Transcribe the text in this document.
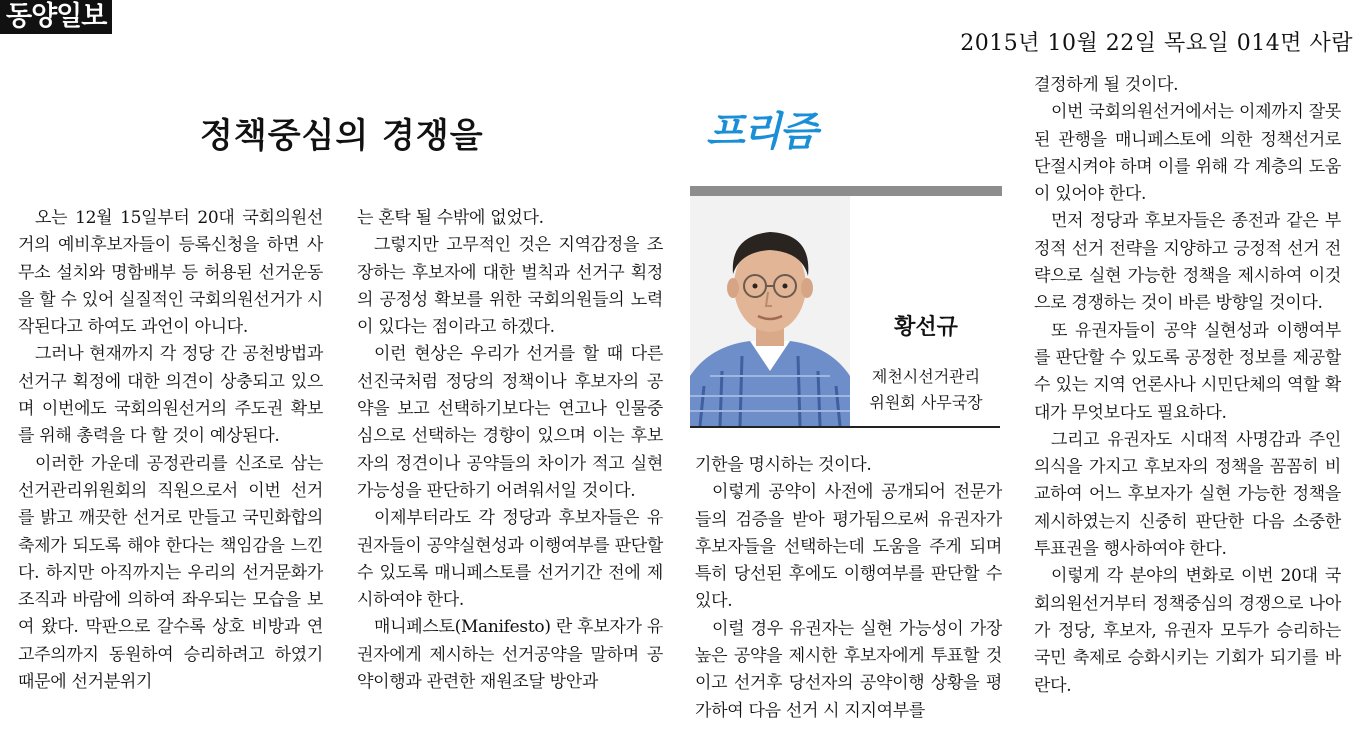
동양일보
2015년 10월 22일 목요일 014면 사람
정책중심의 경쟁을	프리즘
황선규
제천시선거관리
위원회 사무국장

오는 12월 15일부터 20대 국회의원선거의 예비후보자들이 등록신청을 하면 사무소 설치와 명함배부 등 허용된 선거운동을 할 수 있어 실질적인 국회의원선거가 시작된다고 하여도 과언이 아니다.

그러나 현재까지 각 정당 간 공천방법과 선거구 획정에 대한 의견이 상충되고 있으며 이번에도 국회의원선거의 주도권 확보를 위해 총력을 다 할 것이 예상된다.

이러한 가운데 공정관리를 신조로 삼는 선거관리위원회의 직원으로서 이번 선거를 밝고 깨끗한 선거로 만들고 국민화합의 축제가 되도록 해야 한다는 책임감을 느낀다. 하지만 아직까지는 우리의 선거문화가 조직과 바람에 의하여 좌우되는 모습을 보여 왔다. 막판으로 갈수록 상호 비방과 연고주의까지 동원하여 승리하려고 하였기 때문에 선거분위기

는 혼탁 될 수밖에 없었다.

그렇지만 고무적인 것은 지역감정을 조장하는 후보자에 대한 벌칙과 선거구 획정의 공정성 확보를 위한 국회의원들의 노력이 있다는 점이라고 하겠다.

이런 현상은 우리가 선거를 할 때 다른 선진국처럼 정당의 정책이나 후보자의 공약을 보고 선택하기보다는 연고나 인물중심으로 선택하는 경향이 있으며 이는 후보자의 정견이나 공약들의 차이가 적고 실현가능성을 판단하기 어려워서일 것이다.

이제부터라도 각 정당과 후보자들은 유권자들이 공약실현성과 이행여부를 판단할 수 있도록 매니페스토를 선거기간 전에 제시하여야 한다.

매니페스토(Manifesto) 란 후보자가 유권자에게 제시하는 선거공약을 말하며 공약이행과 관련한 재원조달 방안과

기한을 명시하는 것이다.

이렇게 공약이 사전에 공개되어 전문가들의 검증을 받아 평가됨으로써 유권자가 후보자들을 선택하는데 도움을 주게 되며 특히 당선된 후에도 이행여부를 판단할 수 있다.

이럴 경우 유권자는 실현 가능성이 가장 높은 공약을 제시한 후보자에게 투표할 것이고 선거후 당선자의 공약이행 상황을 평가하여 다음 선거 시 지지여부를

결정하게 될 것이다.

이번 국회의원선거에서는 이제까지 잘못된 관행을 매니페스토에 의한 정책선거로 단절시켜야 하며 이를 위해 각 계층의 도움이 있어야 한다.

먼저 정당과 후보자들은 종전과 같은 부정적 선거 전략을 지양하고 긍정적 선거 전략으로 실현 가능한 정책을 제시하여 이것으로 경쟁하는 것이 바른 방향일 것이다.

또 유권자들이 공약 실현성과 이행여부를 판단할 수 있도록 공정한 정보를 제공할 수 있는 지역 언론사나 시민단체의 역할 확대가 무엇보다도 필요하다.

그리고 유권자도 시대적 사명감과 주인의식을 가지고 후보자의 정책을 꼼꼼히 비교하여 어느 후보자가 실현 가능한 정책을 제시하였는지 신중히 판단한 다음 소중한 투표권을 행사하여야 한다.

이렇게 각 분야의 변화로 이번 20대 국회의원선거부터 정책중심의 경쟁으로 나아가 정당, 후보자, 유권자 모두가 승리하는 국민 축제로 승화시키는 기회가 되기를 바란다.
